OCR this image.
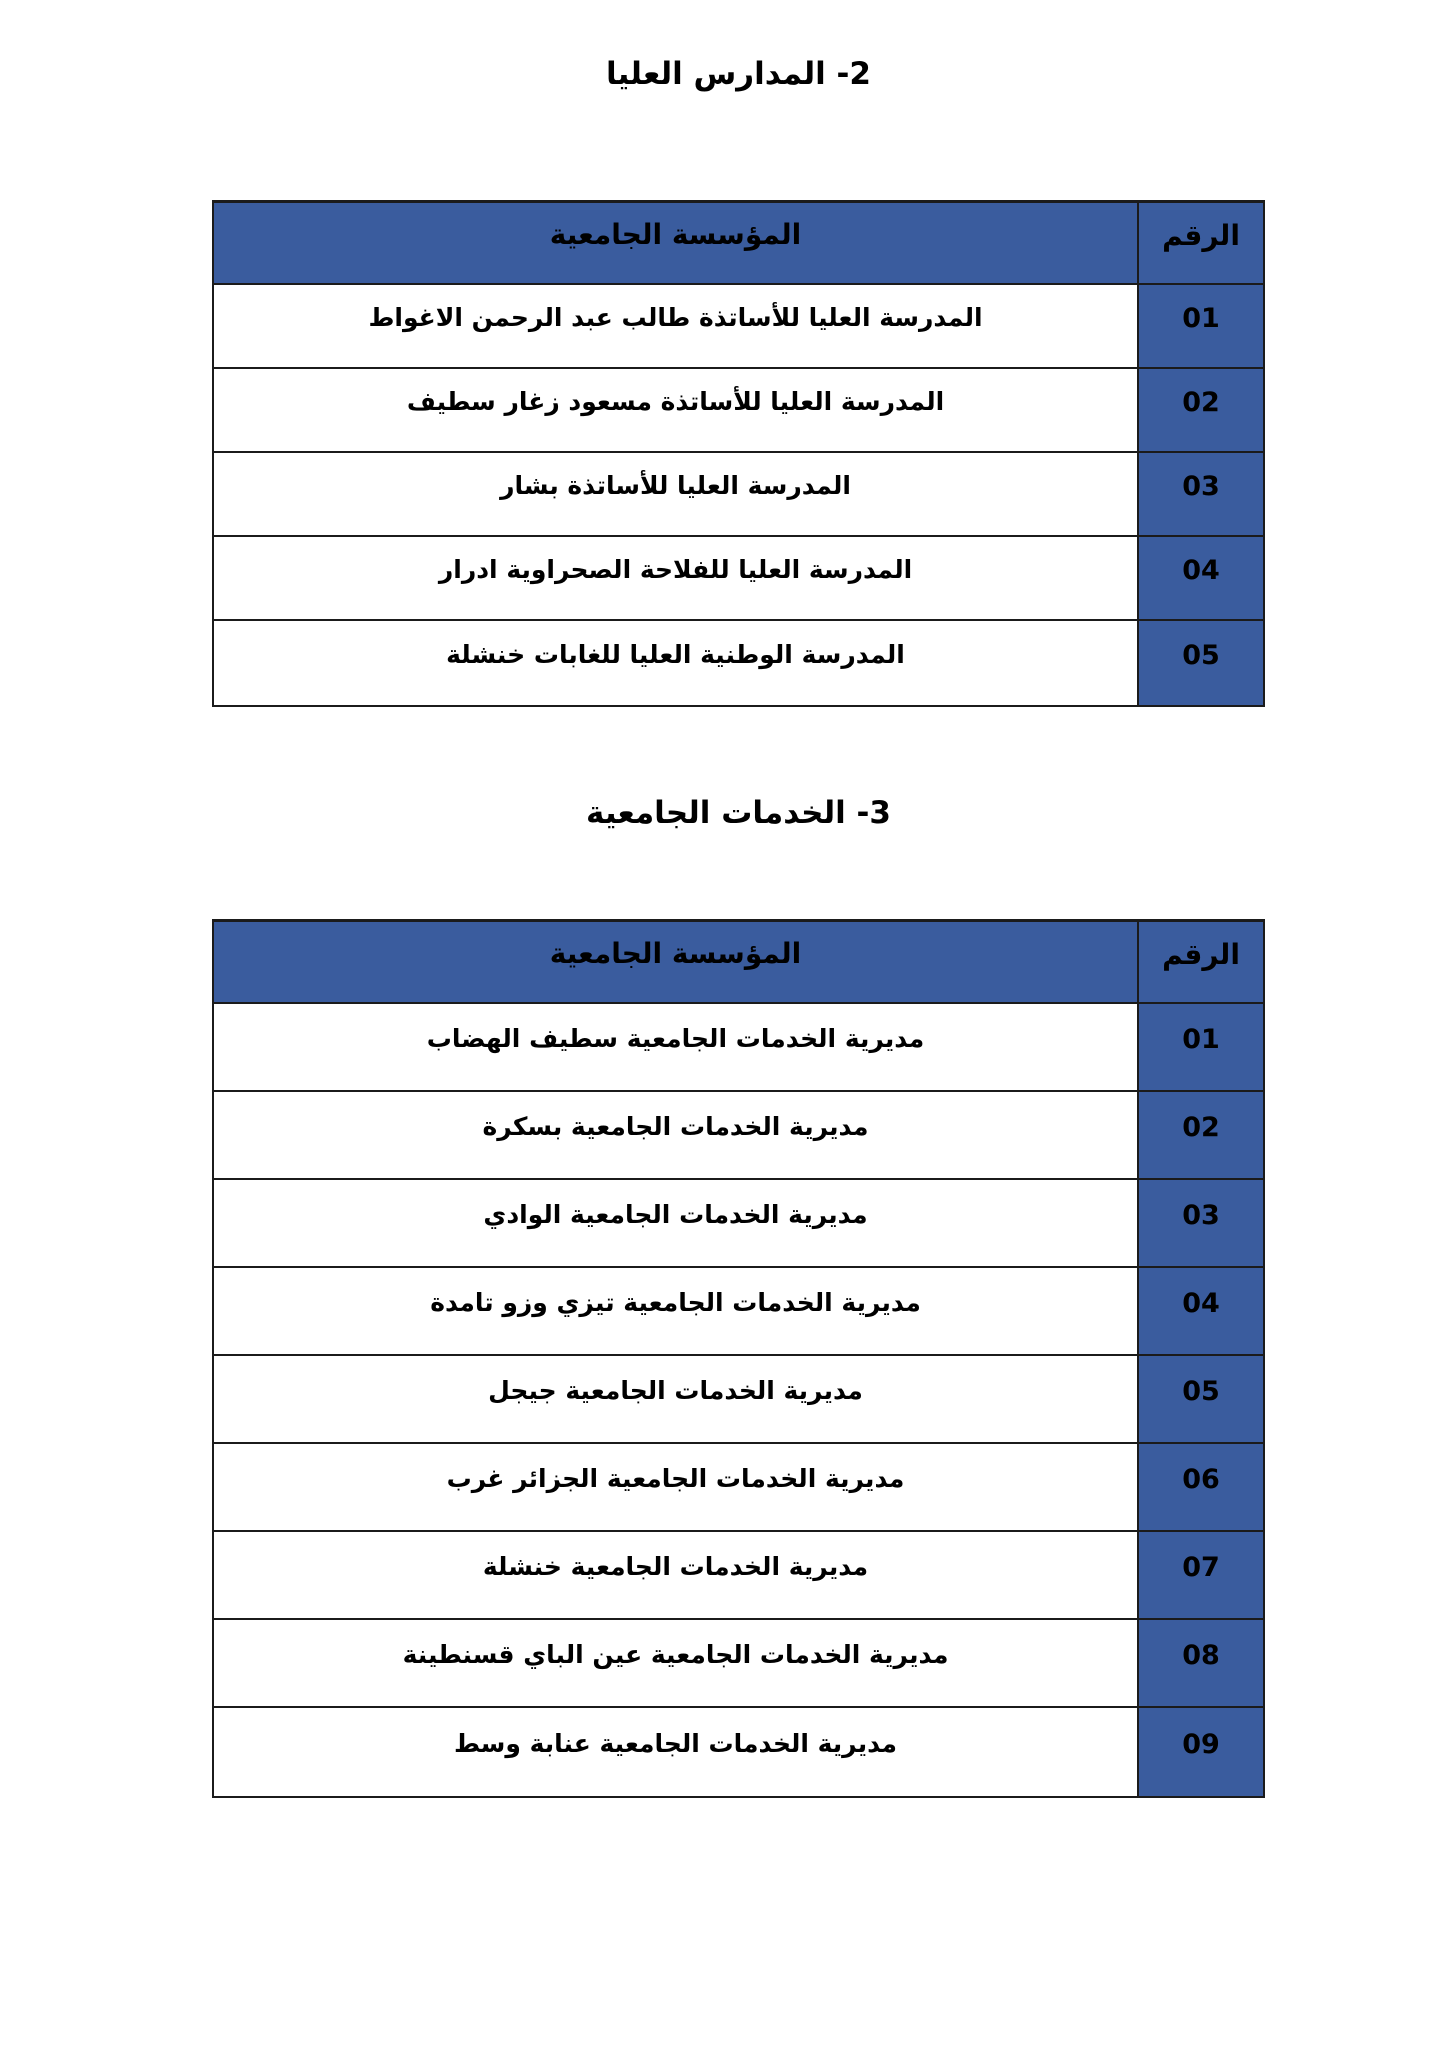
2- المدارس العليا
الرقم
المؤسسة الجامعية
01
المدرسة العليا للأساتذة طالب عبد الرحمن الاغواط
02
المدرسة العليا للأساتذة مسعود زغار سطيف
03
المدرسة العليا للأساتذة بشار
04
المدرسة العليا للفلاحة الصحراوية ادرار
05
المدرسة الوطنية العليا للغابات خنشلة
3- الخدمات الجامعية
الرقم
المؤسسة الجامعية
01
مديرية الخدمات الجامعية سطيف الهضاب
02
مديرية الخدمات الجامعية بسكرة
03
مديرية الخدمات الجامعية الوادي
04
مديرية الخدمات الجامعية تيزي وزو تامدة
05
مديرية الخدمات الجامعية جيجل
06
مديرية الخدمات الجامعية الجزائر غرب
07
مديرية الخدمات الجامعية خنشلة
08
مديرية الخدمات الجامعية عين الباي قسنطينة
09
مديرية الخدمات الجامعية عنابة وسط
